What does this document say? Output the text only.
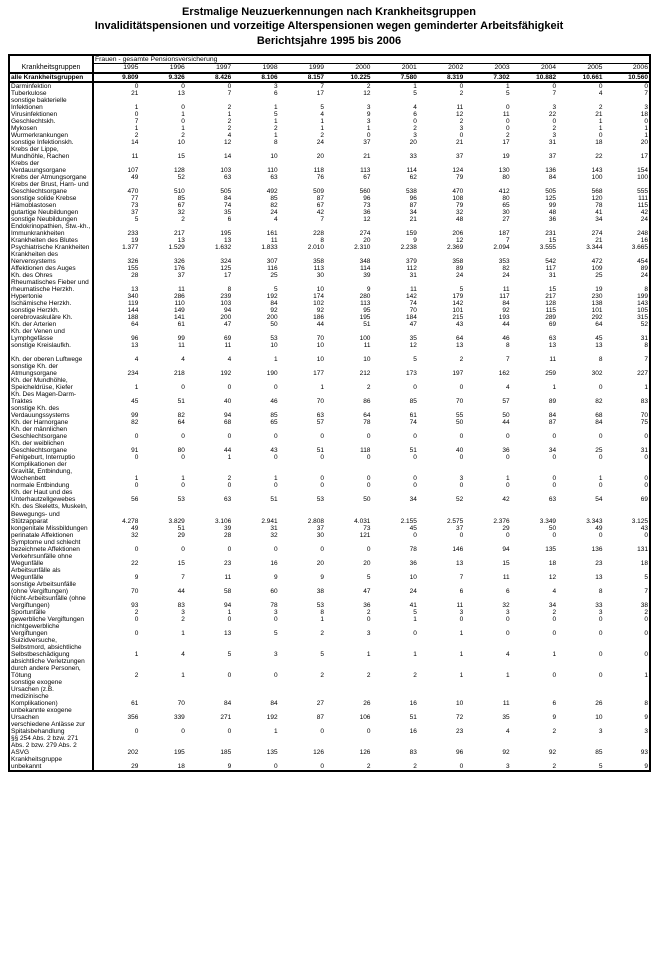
Erstmalige Neuzuerkennungen nach Krankheitsgruppen
Invaliditätspensionen und vorzeitige Alterspensionen wegen geminderter Arbeitsfähigkeit
Berichtsjahre 1995 bis 2006
Krankheitsgruppen	Frauen - gesamte Pensionsversicherung											
	1995	1996	1997	1998	1999	2000	2001	2002	2003	2004	2005	2006
alle Krankheitsgruppen	9.809	9.326	8.426	8.106	8.157	10.225	7.580	8.319	7.302	10.882	10.661	10.560
Darminfektion	0	0	0	3	7	2	1	0	1	0	0	0
Tuberkulose	21	13	7	6	17	12	5	2	5	7	4	7
sonstige bakterielle Infektionen	1	0	2	1	5	3	4	11	0	3	2	3
Virusinfektionen	0	1	1	5	4	9	6	12	11	22	21	18
Geschlechtskh.	7	0	2	1	1	3	0	2	0	0	1	0
Mykosen	1	1	2	2	1	1	2	3	0	2	1	1
Wurmerkrankungen	2	2	4	1	2	0	3	0	2	3	0	1
sonstige Infektionskh.	14	10	12	8	24	37	20	21	17	31	18	20
Krebs der Lippe, Mundhöhle, Rachen	11	15	14	10	20	21	33	37	19	37	22	17
Krebs der Verdauungsorgane	107	128	103	110	118	113	114	124	130	136	143	154
Krebs der Atmungsorgane	49	52	63	63	76	67	62	79	80	84	100	100
Krebs der Brust, Harn- und Geschlechtsorgane	470	510	505	492	509	560	538	470	412	505	568	555
sonstige solide Krebse	77	85	84	85	87	96	96	108	80	125	120	111
Hämoblastosen	73	67	74	82	67	73	87	79	65	99	78	115
gutartige Neubildungen	37	32	35	24	42	36	34	32	30	48	41	42
sonstige Neubildungen	5	2	6	4	7	12	21	48	27	36	34	24
Endokrinopathien, Stw.-kh., Immunkrankheiten	233	217	195	161	228	274	159	206	187	231	274	248
Krankheiten des Blutes	19	13	13	11	8	20	9	12	7	15	21	16
Psychiatrische Krankheiten	1.377	1.529	1.632	1.833	2.010	2.310	2.238	2.369	2.094	3.555	3.344	3.665
Krankheiten des Nervensystems	326	326	324	307	358	348	379	358	353	542	472	454
Affektionen des Auges	155	176	125	116	113	114	112	89	82	117	109	89
Kh. des Ohres	28	37	17	25	30	39	31	24	24	31	25	24
Rheumatisches Fieber und rheumatische Herzkh.	13	11	8	5	10	9	11	5	11	15	19	8
Hypertonie	340	286	239	192	174	280	142	179	117	217	230	199
Ischämische Herzkh.	119	110	103	84	102	113	74	142	84	128	138	143
sonstige Herzkh.	144	149	94	92	92	95	70	101	92	115	101	105
cerebrovaskuläre Kh.	188	141	200	200	186	195	184	215	193	289	292	315
Kh. der Arterien	64	61	47	50	44	51	47	43	44	69	64	52
Kh. der Venen und Lymphgefässe	96	99	69	53	70	100	35	64	46	63	45	31
sonstige Kreislaufkh.	13	11	11	10	10	11	12	13	8	13	13	8

Kh. der oberen Luftwege	4	4	4	1	10	10	5	2	7	11	8	7
sonstige Kh. der Atmungsorgane	234	218	192	190	177	212	173	197	162	259	302	227
Kh. der Mundhöhle, Speicheldrüse, Kiefer	1	0	0	0	1	2	0	0	4	1	0	1
Kh. Des Magen-Darm-Traktes	45	51	40	46	70	86	85	70	57	89	82	83
sonstige Kh. des Verdauungssystems	99	82	94	85	63	64	61	55	50	84	68	70
Kh. der Harnorgane	82	64	68	65	57	78	74	50	44	87	84	75
Kh. der männlichen Geschlechtsorgane	0	0	0	0	0	0	0	0	0	0	0	0
Kh. der weiblichen Geschlechtsorgane	91	80	44	43	51	118	51	40	36	34	25	31
Fehlgeburt, Interruptio	0	0	1	0	0	0	0	0	0	0	0	0
Komplikationen der Gravität, Entbindung, Wochenbett	1	1	2	1	0	0	0	3	1	0	1	0
normale Entbindung	0	0	0	0	0	0	0	0	0	0	0	0
Kh. der Haut und des Unterhautzellgewebes	56	53	63	51	53	50	34	52	42	63	54	69
Kh. des Skeletts, Muskeln, Bewegungs- und Stützapparat	4.278	3.829	3.106	2.941	2.808	4.031	2.155	2.575	2.376	3.349	3.343	3.125
kongenitale Missbildungen	49	51	39	31	37	73	45	37	29	50	49	43
perinatale Affektionen	32	29	28	32	30	121	0	0	0	0	0	0
Symptome und schlecht bezeichnete Affektionen	0	0	0	0	0	0	78	146	94	135	136	131
Verkehrsunfälle ohne Wegunfälle	22	15	23	16	20	20	36	13	15	18	23	18
Arbeitsunfälle als Wegunfälle	9	7	11	9	9	5	10	7	11	12	13	5
sonstige Arbeitsunfälle (ohne Vergiftungen)	70	44	58	60	38	47	24	6	6	4	8	7
Nicht-Arbeitsunfälle (ohne Vergiftungen)	93	83	94	78	53	36	41	11	32	34	33	38
Sportunfälle	2	3	1	3	8	2	5	3	3	2	3	2
gewerbliche Vergiftungen	0	2	0	0	1	0	1	0	0	0	0	0
nichtgewerbliche Vergiftungen	0	1	13	5	2	3	0	1	0	0	0	0
Suizidversuche, Selbstmord, absichtliche Selbstbeschädigung	1	4	5	3	5	1	1	1	4	1	0	0
absichtliche Verletzungen durch andere Personen, Tötung	2	1	0	0	2	2	2	1	1	0	0	1
sonstige exogene Ursachen (z.B. medizinische Komplikationen)	61	70	84	84	27	26	16	10	11	6	26	8
unbekannte exogene Ursachen	356	339	271	192	87	106	51	72	35	9	10	9
verschiedene Anlässe zur Spitalsbehandlung	0	0	0	1	0	0	16	23	4	2	3	3
§§ 254 Abs. 2 bzw. 271 Abs. 2 bzw. 279 Abs. 2 ASVG	202	195	185	135	126	126	83	96	92	92	85	93
Krankheitsgruppe unbekannt	29	18	9	0	0	2	2	0	3	2	5	9
